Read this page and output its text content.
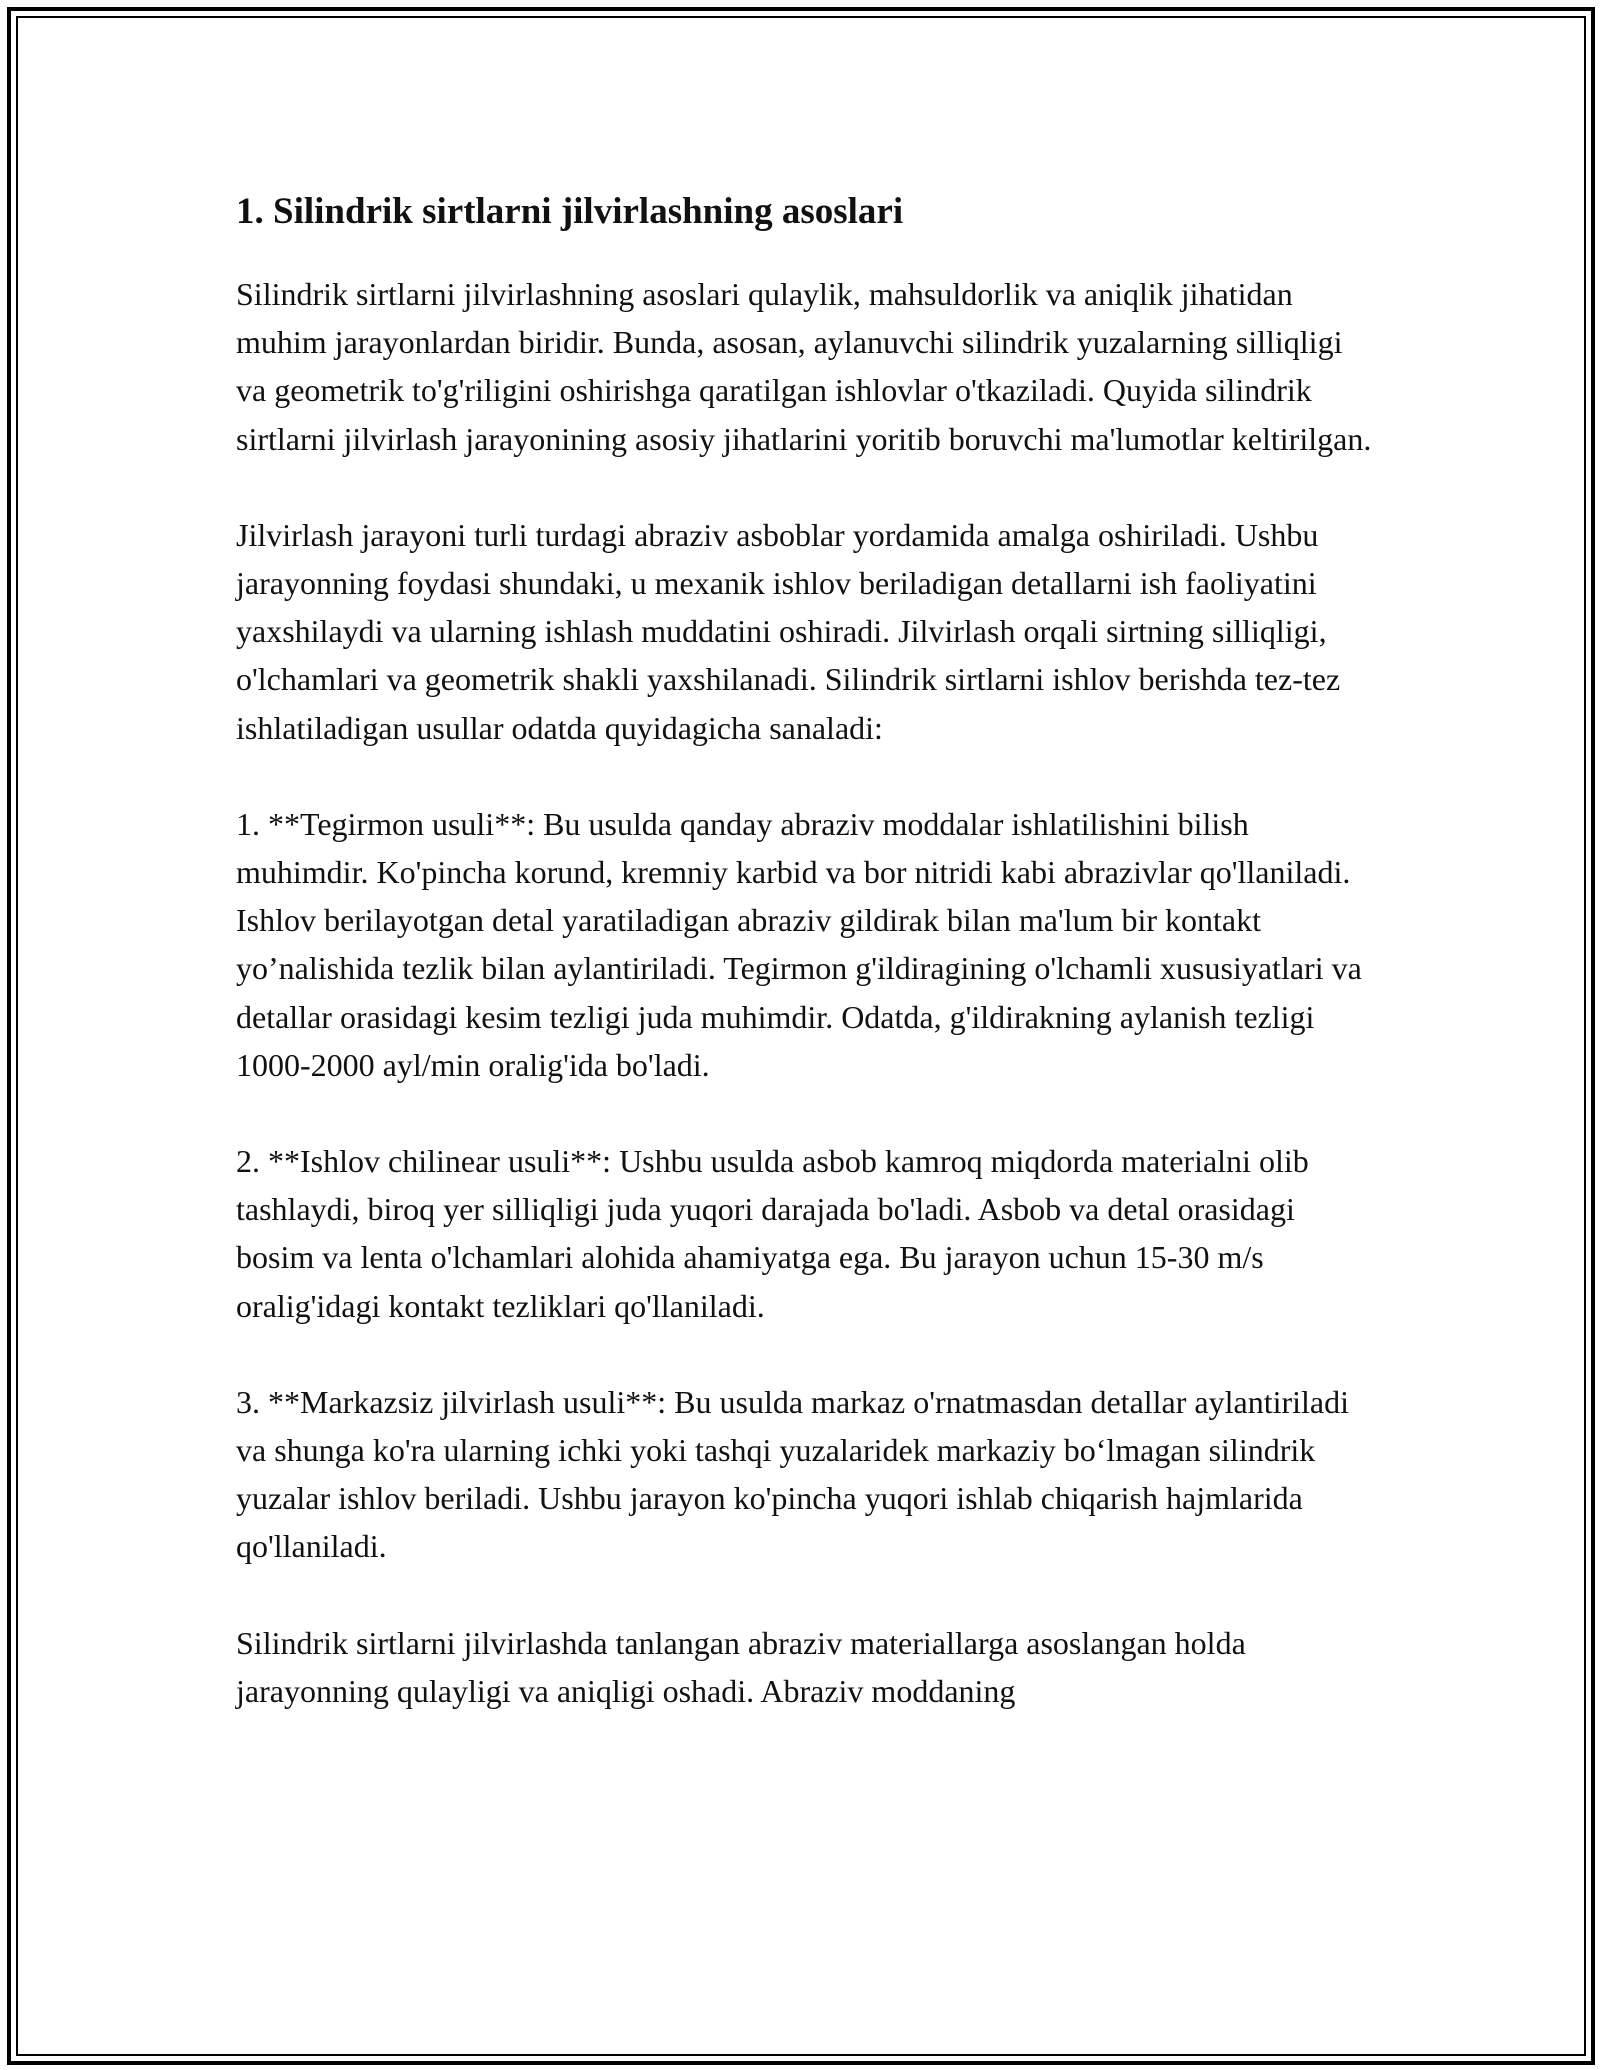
1. Silindrik sirtlarni jilvirlashning asoslari

Silindrik sirtlarni jilvirlashning asoslari qulaylik, mahsuldorlik va aniqlik jihatidan muhim jarayonlardan biridir. Bunda, asosan, aylanuvchi silindrik yuzalarning silliqligi va geometrik to'g'riligini oshirishga qaratilgan ishlovlar o'tkaziladi. Quyida silindrik sirtlarni jilvirlash jarayonining asosiy jihatlarini yoritib boruvchi ma'lumotlar keltirilgan.

Jilvirlash jarayoni turli turdagi abraziv asboblar yordamida amalga oshiriladi. Ushbu jarayonning foydasi shundaki, u mexanik ishlov beriladigan detallarni ish faoliyatini yaxshilaydi va ularning ishlash muddatini oshiradi. Jilvirlash orqali sirtning silliqligi, o'lchamlari va geometrik shakli yaxshilanadi. Silindrik sirtlarni ishlov berishda tez-tez ishlatiladigan usullar odatda quyidagicha sanaladi:

1. **Tegirmon usuli**: Bu usulda qanday abraziv moddalar ishlatilishini bilish muhimdir. Ko'pincha korund, kremniy karbid va bor nitridi kabi abrazivlar qo'llaniladi. Ishlov berilayotgan detal yaratiladigan abraziv gildirak bilan ma'lum bir kontakt yo’nalishida tezlik bilan aylantiriladi. Tegirmon g'ildiragining o'lchamli xususiyatlari va detallar orasidagi kesim tezligi juda muhimdir. Odatda, g'ildirakning aylanish tezligi 1000-2000 ayl/min oralig'ida bo'ladi.

2. **Ishlov chilinear usuli**: Ushbu usulda asbob kamroq miqdorda materialni olib tashlaydi, biroq yer silliqligi juda yuqori darajada bo'ladi. Asbob va detal orasidagi bosim va lenta o'lchamlari alohida ahamiyatga ega. Bu jarayon uchun 15-30 m/s oralig'idagi kontakt tezliklari qo'llaniladi.

3. **Markazsiz jilvirlash usuli**: Bu usulda markaz o'rnatmasdan detallar aylantiriladi va shunga ko'ra ularning ichki yoki tashqi yuzalaridek markaziy bo‘lmagan silindrik yuzalar ishlov beriladi. Ushbu jarayon ko'pincha yuqori ishlab chiqarish hajmlarida qo'llaniladi.

Silindrik sirtlarni jilvirlashda tanlangan abraziv materiallarga asoslangan holda jarayonning qulayligi va aniqligi oshadi. Abraziv moddaning
